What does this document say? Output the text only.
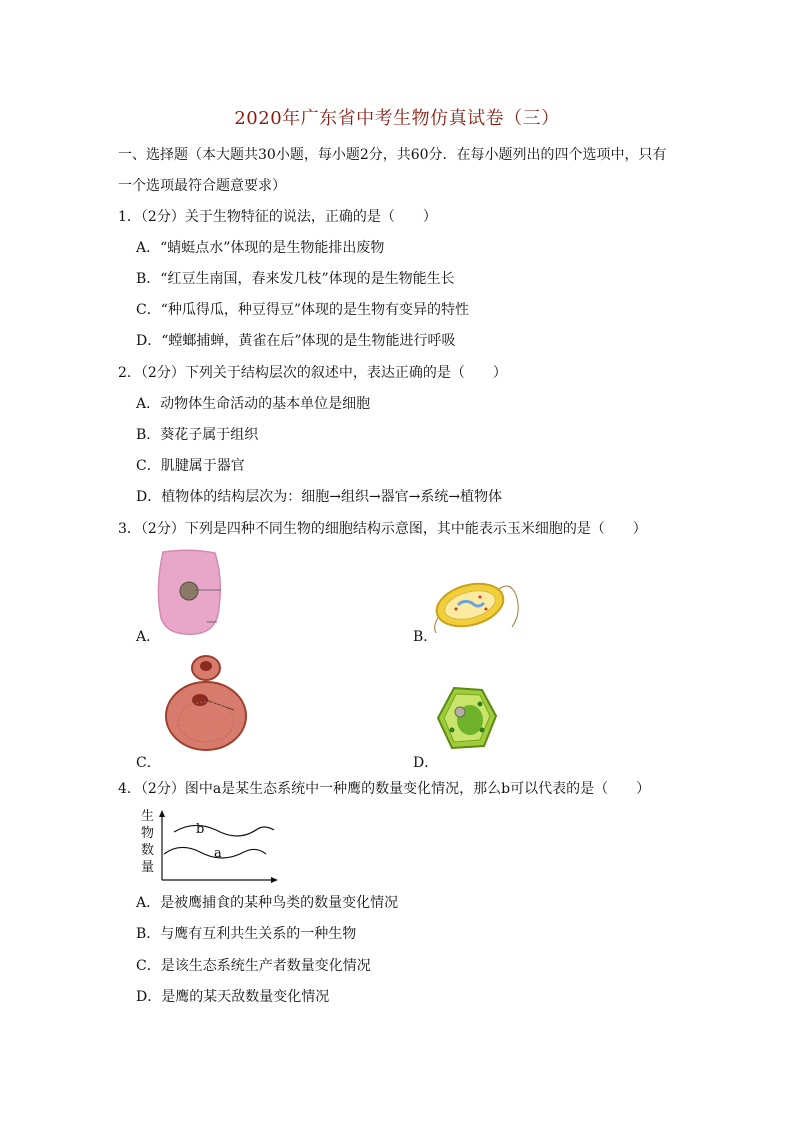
2020年广东省中考生物仿真试卷（三）
一、选择题（本大题共30小题，每小题2分，共60分．在每小题列出的四个选项中，只有
一个选项最符合题意要求）
1．（2分）关于生物特征的说法，正确的是（　　）
A．“蜻蜓点水”体现的是生物能排出废物
B．“红豆生南国，春来发几枝”体现的是生物能生长
C．“种瓜得瓜，种豆得豆”体现的是生物有变异的特性
D．“螳螂捕蝉，黄雀在后”体现的是生物能进行呼吸
2．（2分）下列关于结构层次的叙述中，表达正确的是（　　）
A．动物体生命活动的基本单位是细胞
B．葵花子属于组织
C．肌腱属于器官
D．植物体的结构层次为：细胞→组织→器官→系统→植物体
3．（2分）下列是四种不同生物的细胞结构示意图，其中能表示玉米细胞的是（　　）
A．	B．
C．	D．
4．（2分）图中a是某生态系统中一种鹰的数量变化情况，那么b可以代表的是（　　）
生
物
数
量
b
a
A．是被鹰捕食的某种鸟类的数量变化情况
B．与鹰有互利共生关系的一种生物
C．是该生态系统生产者数量变化情况
D．是鹰的某天敌数量变化情况
